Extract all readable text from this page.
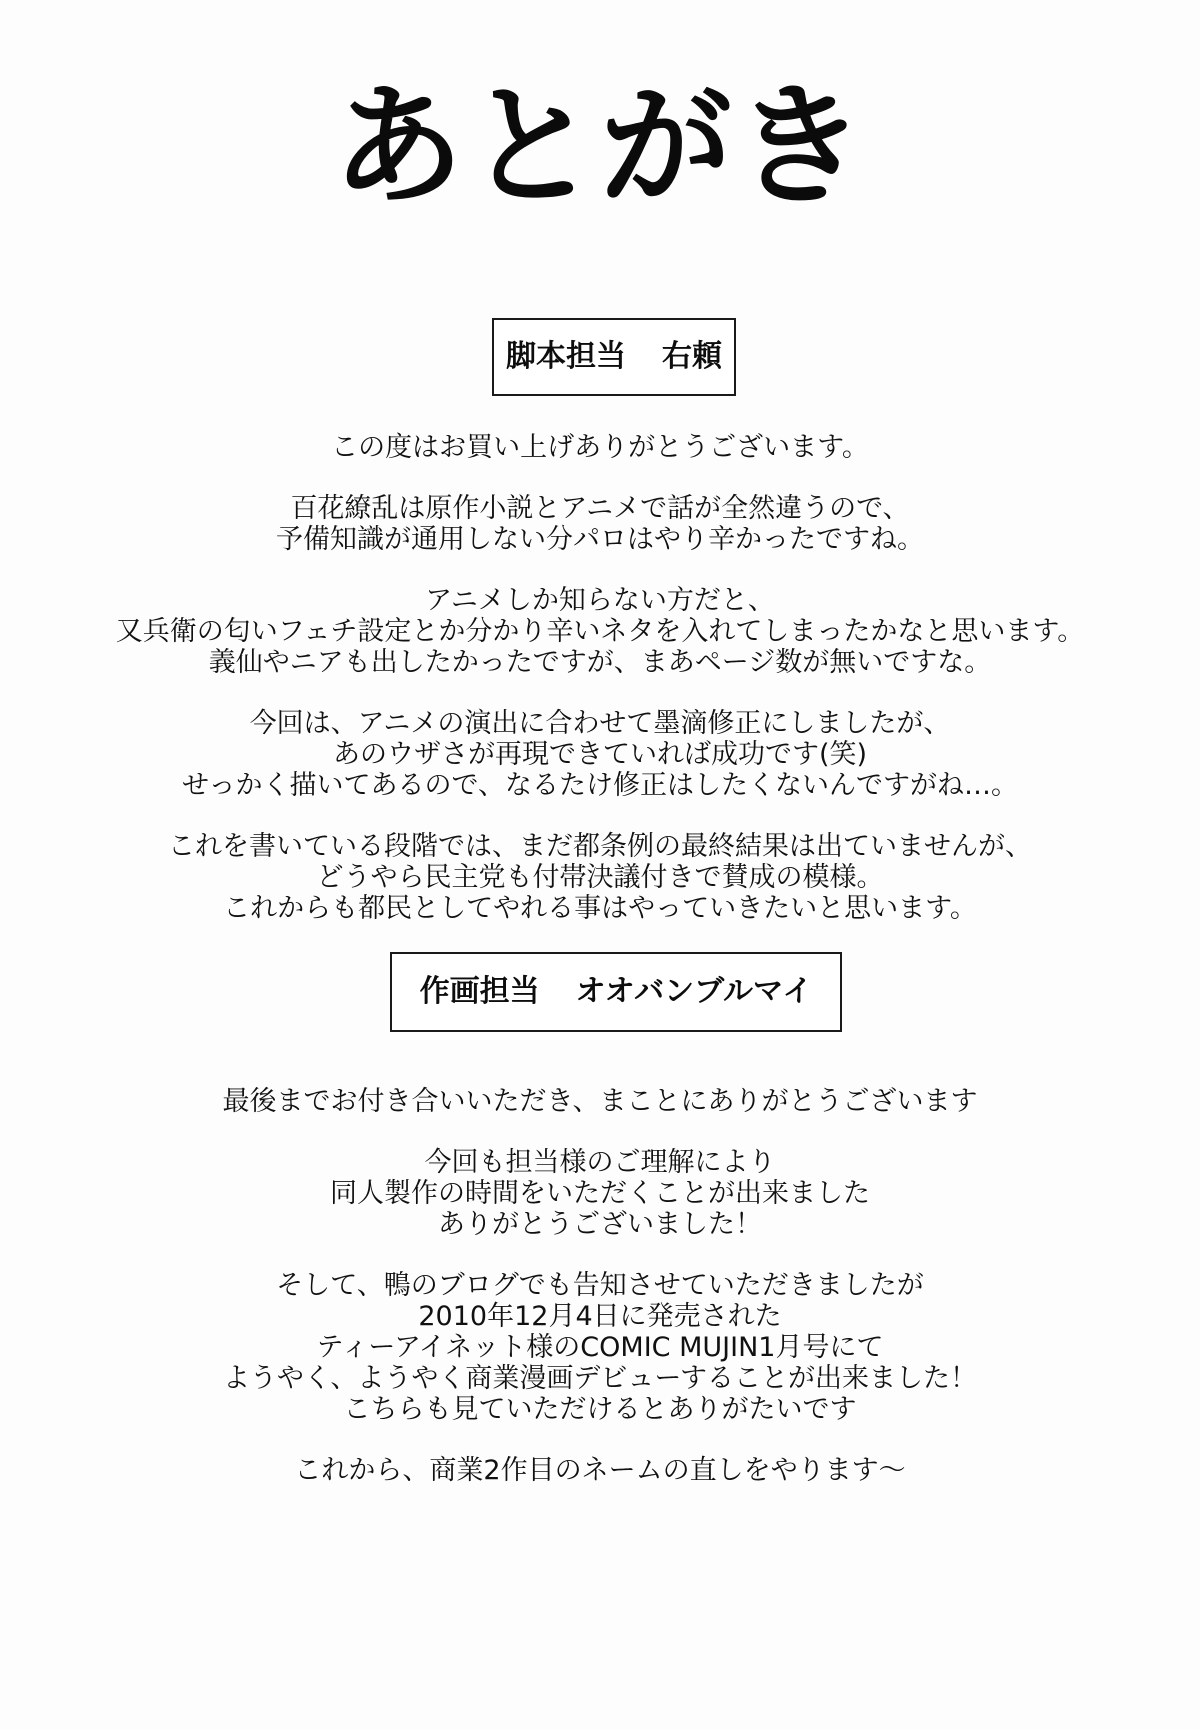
あとがき
脚本担当 右頼
この度はお買い上げありがとうございます。
百花繚乱は原作小説とアニメで話が全然違うので、
予備知識が通用しない分パロはやり辛かったですね。
アニメしか知らない方だと、
又兵衛の匂いフェチ設定とか分かり辛いネタを入れてしまったかなと思います。
義仙やニアも出したかったですが、まあページ数が無いですな。
今回は、アニメの演出に合わせて墨滴修正にしましたが、
あのウザさが再現できていれば成功です(笑)
せっかく描いてあるので、なるたけ修正はしたくないんですがね…。
これを書いている段階では、まだ都条例の最終結果は出ていませんが、
どうやら民主党も付帯決議付きで賛成の模様。
これからも都民としてやれる事はやっていきたいと思います。
作画担当 オオバンブルマイ
最後までお付き合いいただき、まことにありがとうございます
今回も担当様のご理解により
同人製作の時間をいただくことが出来ました
ありがとうございました！
そして、鴨のブログでも告知させていただきましたが
2010年12月4日に発売された
ティーアイネット様のCOMIC MUJIN1月号にて
ようやく、ようやく商業漫画デビューすることが出来ました！
こちらも見ていただけるとありがたいです
これから、商業2作目のネームの直しをやります～
